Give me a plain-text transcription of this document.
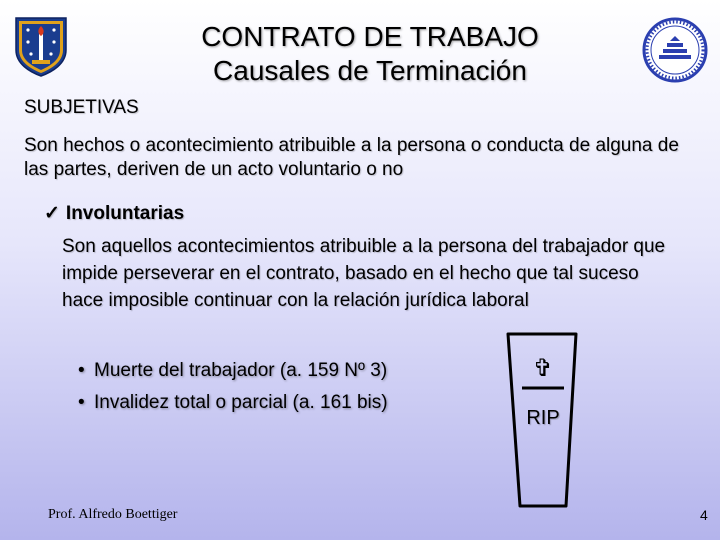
CONTRATO DE TRABAJO
Causales de Terminación
SUBJETIVAS
Son hechos o acontecimiento atribuible a la persona o conducta de alguna de las partes, deriven de un acto voluntario o no
✓ Involuntarias
Son aquellos acontecimientos atribuible a la persona del trabajador que impide perseverar en el contrato, basado en el hecho que tal suceso hace imposible continuar con la relación jurídica laboral
• Muerte del trabajador (a. 159 Nº 3)
• Invalidez total o parcial (a. 161 bis)
✞
RIP
Prof. Alfredo Boettiger	4
